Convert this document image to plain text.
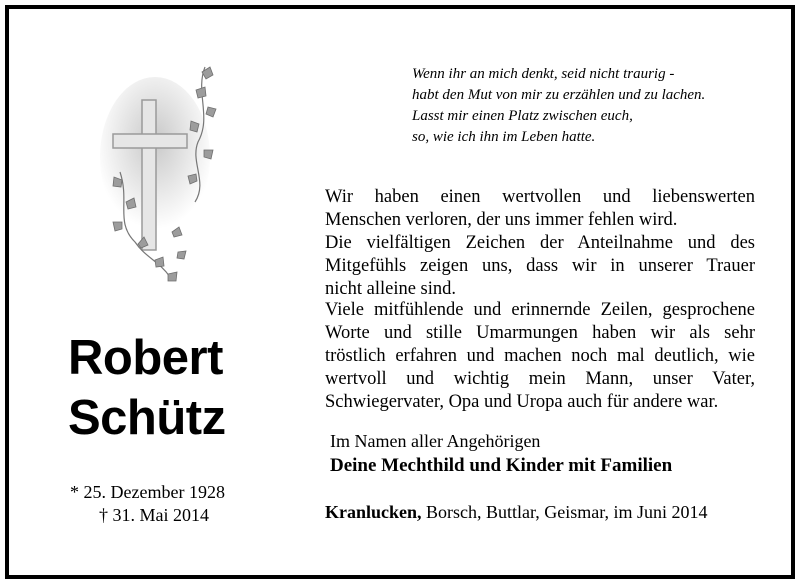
Wenn ihr an mich denkt, seid nicht traurig -
habt den Mut von mir zu erzählen und zu lachen.
Lasst mir einen Platz zwischen euch,
so, wie ich ihn im Leben hatte.
Wir haben einen wertvollen und liebenswerten
Menschen verloren, der uns immer fehlen wird.
Die vielfältigen Zeichen der Anteilnahme und des
Mitgefühls zeigen uns, dass wir in unserer Trauer
nicht alleine sind.
Viele mitfühlende und erinnernde Zeilen, gesprochene
Worte und stille Umarmungen haben wir als sehr
tröstlich erfahren und machen noch mal deutlich, wie
wertvoll und wichtig mein Mann, unser Vater,
Schwiegervater, Opa und Uropa auch für andere war.
Robert
Schütz
* 25. Dezember 1928
† 31. Mai 2014
Im Namen aller Angehörigen
Deine Mechthild und Kinder mit Familien
Kranlucken, Borsch, Buttlar, Geismar, im Juni 2014
